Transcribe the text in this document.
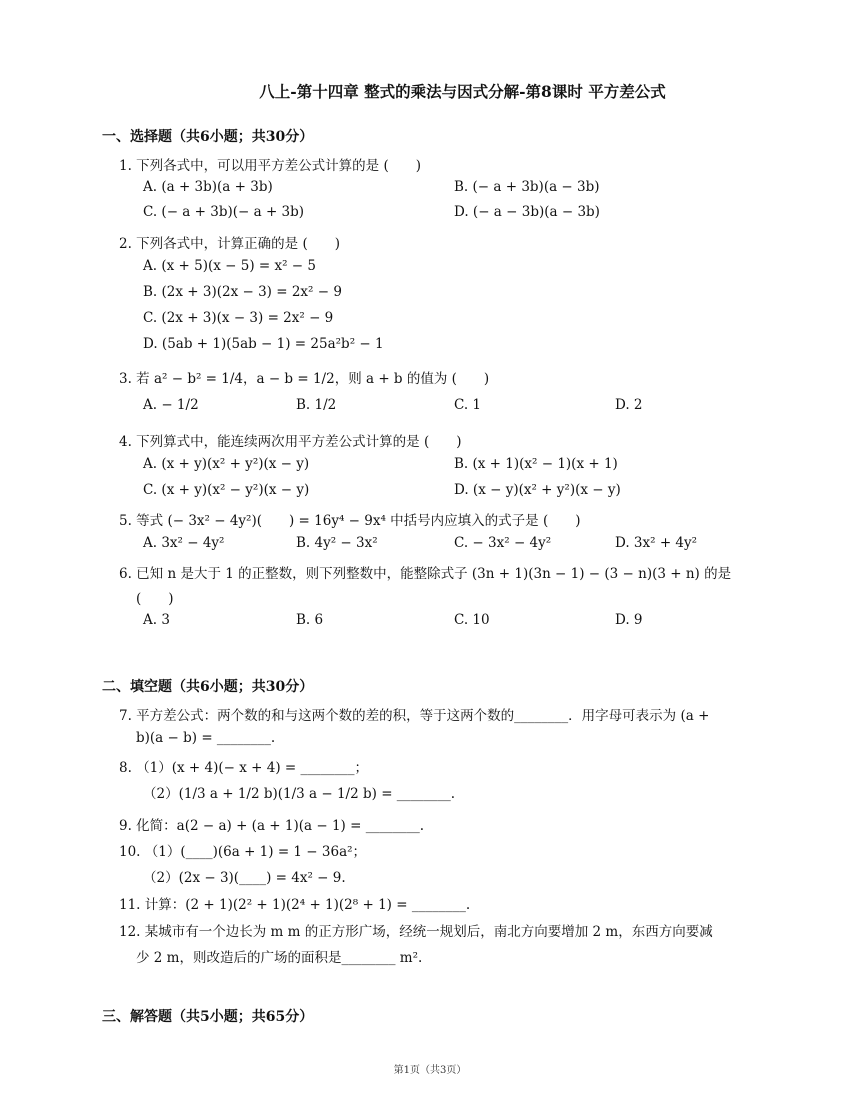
八上-第十四章 整式的乘法与因式分解-第8课时 平方差公式
一、选择题（共6小题；共30分）
1. 下列各式中，可以用平方差公式计算的是 (　　)
A. (a + 3b)(a + 3b)	B. (− a + 3b)(a − 3b)
C. (− a + 3b)(− a + 3b)	D. (− a − 3b)(a − 3b)
2. 下列各式中，计算正确的是 (　　)
A. (x + 5)(x − 5) = x² − 5
B. (2x + 3)(2x − 3) = 2x² − 9
C. (2x + 3)(x − 3) = 2x² − 9
D. (5ab + 1)(5ab − 1) = 25a²b² − 1
3. 若 a² − b² = 1/4，a − b = 1/2，则 a + b 的值为 (　　)
A. − 1/2	B. 1/2	C. 1	D. 2
4. 下列算式中，能连续两次用平方差公式计算的是 (　　)
A. (x + y)(x² + y²)(x − y)	B. (x + 1)(x² − 1)(x + 1)
C. (x + y)(x² − y²)(x − y)	D. (x − y)(x² + y²)(x − y)
5. 等式 (− 3x² − 4y²)(　　) = 16y⁴ − 9x⁴ 中括号内应填入的式子是 (　　)
A. 3x² − 4y²	B. 4y² − 3x²	C. − 3x² − 4y²	D. 3x² + 4y²
6. 已知 n 是大于 1 的正整数，则下列整数中，能整除式子 (3n + 1)(3n − 1) − (3 − n)(3 + n) 的是
(　　)
A. 3	B. 6	C. 10	D. 9
二、填空题（共6小题；共30分）
7. 平方差公式：两个数的和与这两个数的差的积，等于这两个数的________．用字母可表示为 (a +
b)(a − b) = ________.
8. （1）(x + 4)(− x + 4) = ________；
（2）(1/3 a + 1/2 b)(1/3 a − 1/2 b) = ________.
9. 化简：a(2 − a) + (a + 1)(a − 1) = ________.
10. （1）(____)(6a + 1) = 1 − 36a²；
（2）(2x − 3)(____) = 4x² − 9.
11. 计算：(2 + 1)(2² + 1)(2⁴ + 1)(2⁸ + 1) = ________.
12. 某城市有一个边长为 m m 的正方形广场，经统一规划后，南北方向要增加 2 m，东西方向要减
少 2 m，则改造后的广场的面积是________ m².
三、解答题（共5小题；共65分）
第1页（共3页）
